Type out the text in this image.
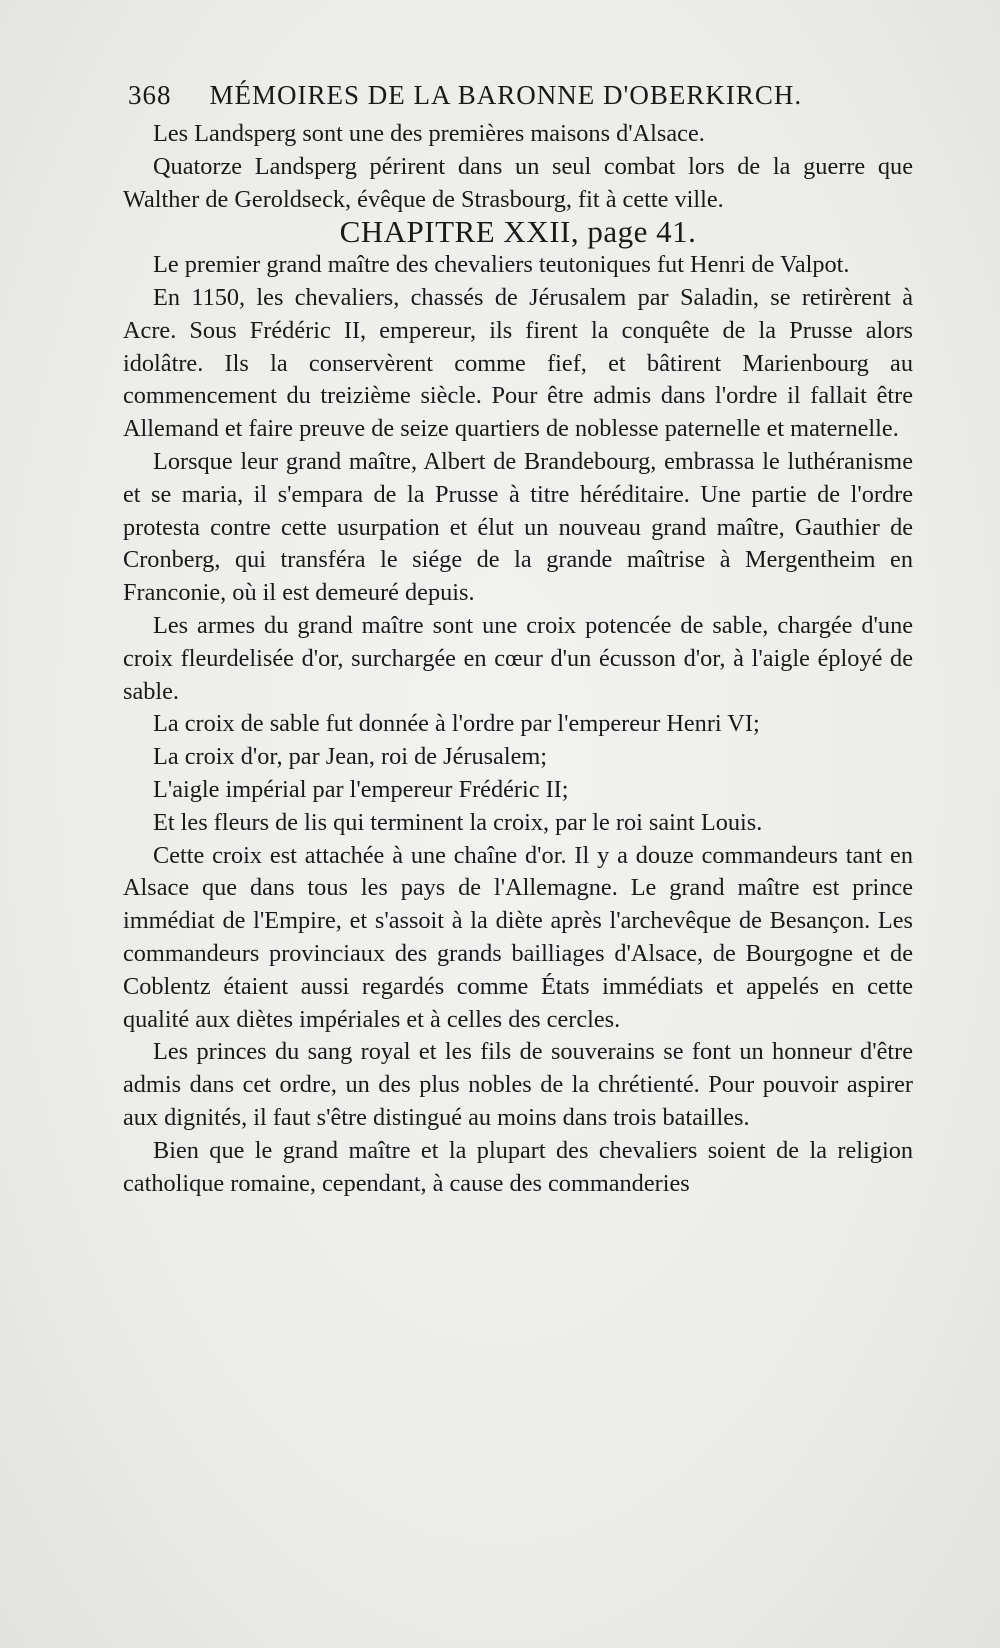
368 MÉMOIRES DE LA BARONNE D'OBERKIRCH.

Les Landsperg sont une des premières maisons d'Alsace.

Quatorze Landsperg périrent dans un seul combat lors de la guerre que Walther de Geroldseck, évêque de Strasbourg, fit à cette ville.

CHAPITRE XXII, page 41.

Le premier grand maître des chevaliers teutoniques fut Henri de Valpot.

En 1150, les chevaliers, chassés de Jérusalem par Saladin, se retirèrent à Acre. Sous Frédéric II, empereur, ils firent la conquête de la Prusse alors idolâtre. Ils la conservèrent comme fief, et bâtirent Marienbourg au commencement du treizième siècle. Pour être admis dans l'ordre il fallait être Allemand et faire preuve de seize quartiers de noblesse paternelle et maternelle.

Lorsque leur grand maître, Albert de Brandebourg, embrassa le luthéranisme et se maria, il s'empara de la Prusse à titre héréditaire. Une partie de l'ordre protesta contre cette usurpation et élut un nouveau grand maître, Gauthier de Cronberg, qui transféra le siége de la grande maîtrise à Mergentheim en Franconie, où il est demeuré depuis.

Les armes du grand maître sont une croix potencée de sable, chargée d'une croix fleurdelisée d'or, surchargée en cœur d'un écusson d'or, à l'aigle éployé de sable.

La croix de sable fut donnée à l'ordre par l'empereur Henri VI;

La croix d'or, par Jean, roi de Jérusalem;

L'aigle impérial par l'empereur Frédéric II;

Et les fleurs de lis qui terminent la croix, par le roi saint Louis.

Cette croix est attachée à une chaîne d'or. Il y a douze commandeurs tant en Alsace que dans tous les pays de l'Allemagne. Le grand maître est prince immédiat de l'Empire, et s'assoit à la diète après l'archevêque de Besançon. Les commandeurs provinciaux des grands bailliages d'Alsace, de Bourgogne et de Coblentz étaient aussi regardés comme États immédiats et appelés en cette qualité aux diètes impériales et à celles des cercles.

Les princes du sang royal et les fils de souverains se font un honneur d'être admis dans cet ordre, un des plus nobles de la chrétienté. Pour pouvoir aspirer aux dignités, il faut s'être distingué au moins dans trois batailles.

Bien que le grand maître et la plupart des chevaliers soient de la religion catholique romaine, cependant, à cause des commanderies
